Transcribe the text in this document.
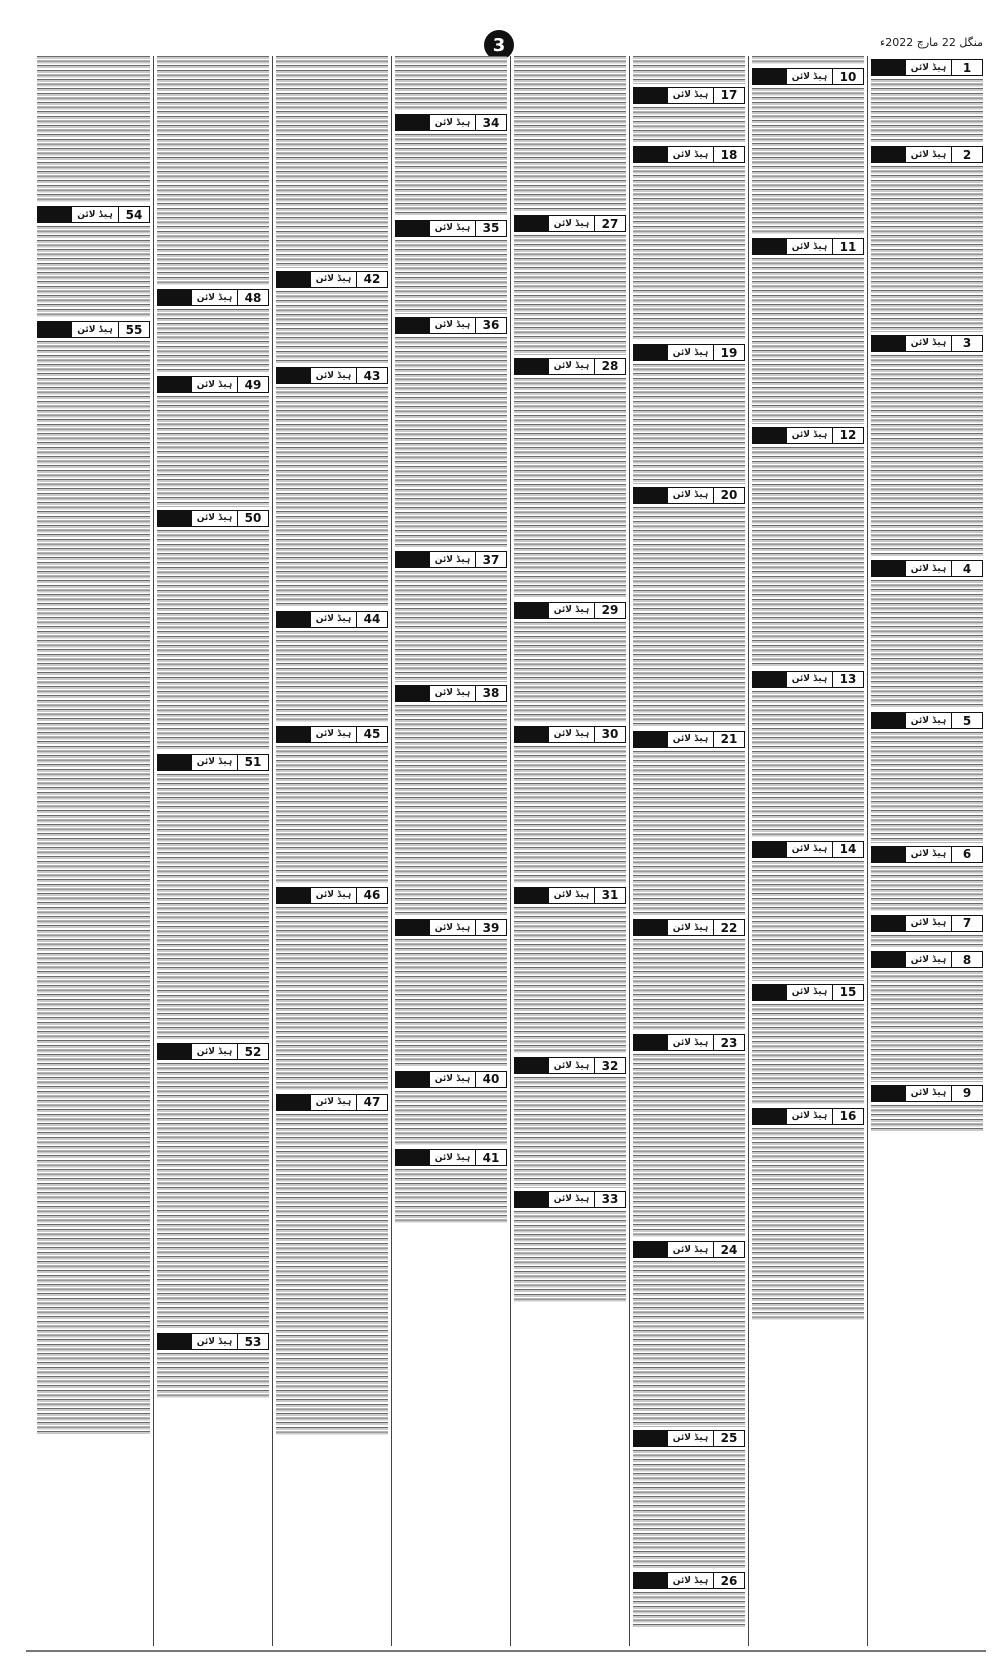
3	منگل 22 مارچ 2022ء
1
ہیڈ لائن
2
ہیڈ لائن
3
ہیڈ لائن
4
ہیڈ لائن
5
ہیڈ لائن
6
ہیڈ لائن
7
ہیڈ لائن
8
ہیڈ لائن
9
ہیڈ لائن
10
ہیڈ لائن
11
ہیڈ لائن
12
ہیڈ لائن
13
ہیڈ لائن
14
ہیڈ لائن
15
ہیڈ لائن
16
ہیڈ لائن
17
ہیڈ لائن
18
ہیڈ لائن
19
ہیڈ لائن
20
ہیڈ لائن
21
ہیڈ لائن
22
ہیڈ لائن
23
ہیڈ لائن
24
ہیڈ لائن
25
ہیڈ لائن
26
ہیڈ لائن
27
ہیڈ لائن
28
ہیڈ لائن
29
ہیڈ لائن
30
ہیڈ لائن
31
ہیڈ لائن
32
ہیڈ لائن
33
ہیڈ لائن
34
ہیڈ لائن
35
ہیڈ لائن
36
ہیڈ لائن
37
ہیڈ لائن
38
ہیڈ لائن
39
ہیڈ لائن
40
ہیڈ لائن
41
ہیڈ لائن
42
ہیڈ لائن
43
ہیڈ لائن
44
ہیڈ لائن
45
ہیڈ لائن
46
ہیڈ لائن
47
ہیڈ لائن
48
ہیڈ لائن
49
ہیڈ لائن
50
ہیڈ لائن
51
ہیڈ لائن
52
ہیڈ لائن
53
ہیڈ لائن
54
ہیڈ لائن
55
ہیڈ لائن
